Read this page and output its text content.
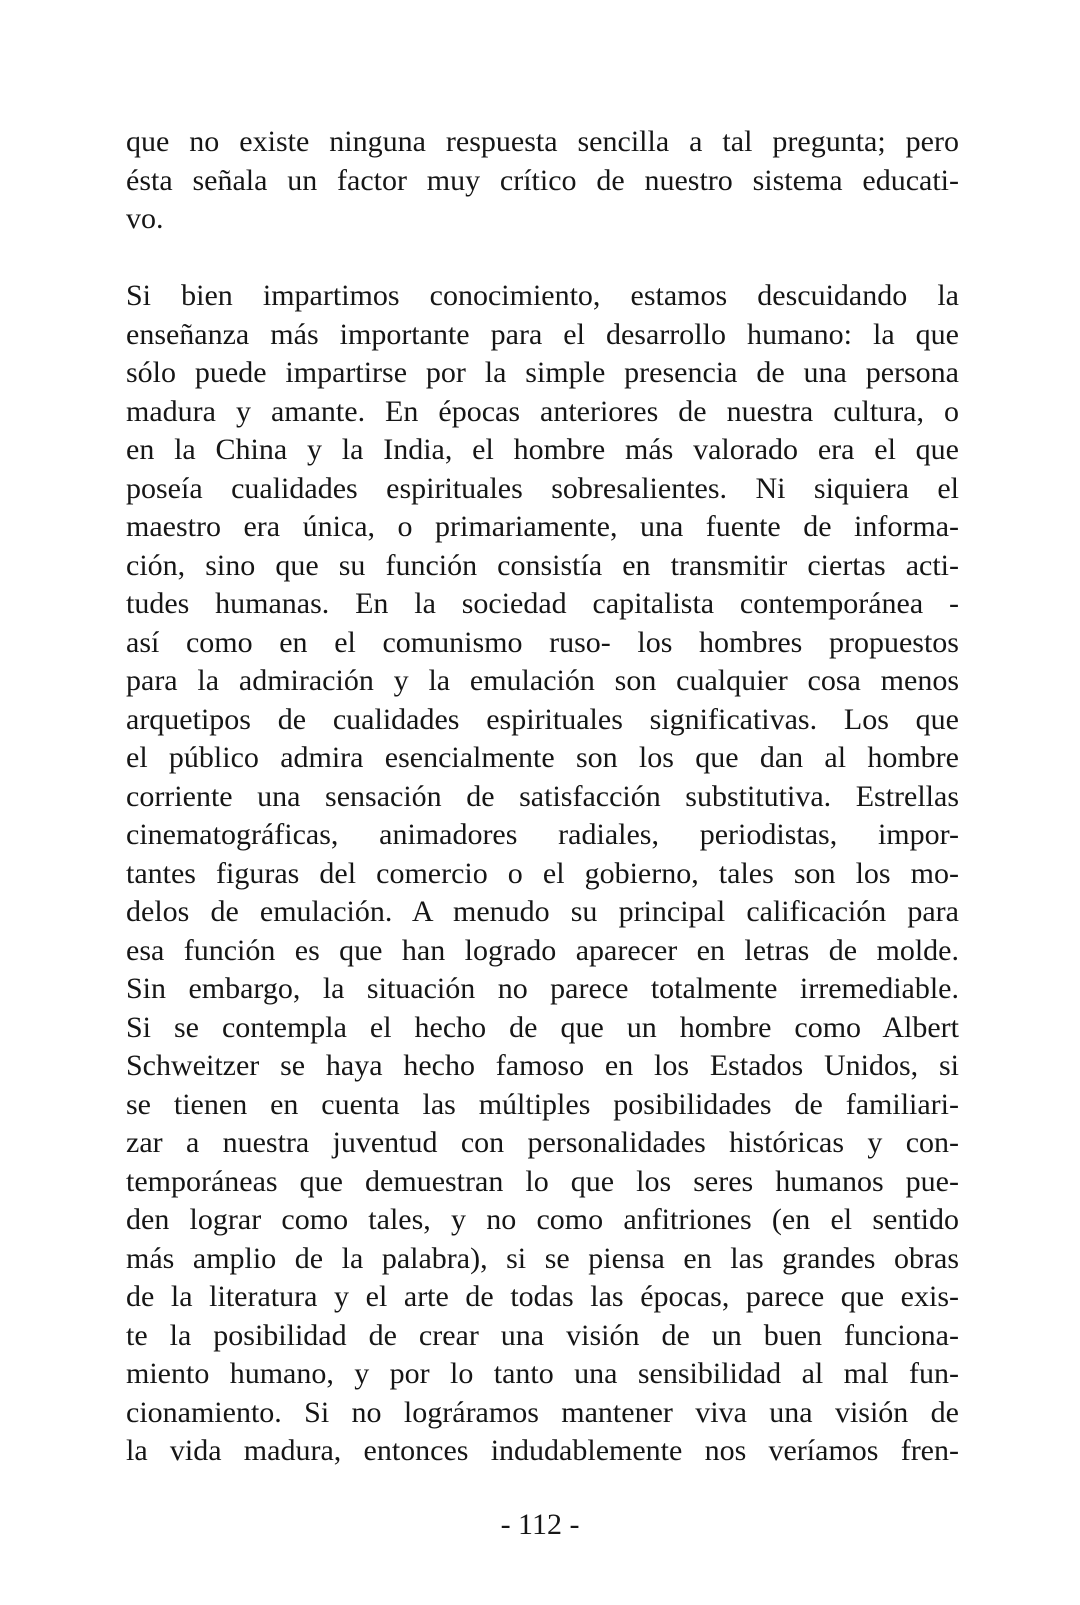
que no existe ninguna respuesta sencilla a tal pregunta; pero
ésta señala un factor muy crítico de nuestro sistema educati-
vo.
Si bien impartimos conocimiento, estamos descuidando la
enseñanza más importante para el desarrollo humano: la que
sólo puede impartirse por la simple presencia de una persona
madura y amante. En épocas anteriores de nuestra cultura, o
en la China y la India, el hombre más valorado era el que
poseía cualidades espirituales sobresalientes. Ni siquiera el
maestro era única, o primariamente, una fuente de informa-
ción, sino que su función consistía en transmitir ciertas acti-
tudes humanas. En la sociedad capitalista contemporánea -
así como en el comunismo ruso- los hombres propuestos
para la admiración y la emulación son cualquier cosa menos
arquetipos de cualidades espirituales significativas. Los que
el público admira esencialmente son los que dan al hombre
corriente una sensación de satisfacción substitutiva. Estrellas
cinematográficas, animadores radiales, periodistas, impor-
tantes figuras del comercio o el gobierno, tales son los mo-
delos de emulación. A menudo su principal calificación para
esa función es que han logrado aparecer en letras de molde.
Sin embargo, la situación no parece totalmente irremediable.
Si se contempla el hecho de que un hombre como Albert
Schweitzer se haya hecho famoso en los Estados Unidos, si
se tienen en cuenta las múltiples posibilidades de familiari-
zar a nuestra juventud con personalidades históricas y con-
temporáneas que demuestran lo que los seres humanos pue-
den lograr como tales, y no como anfitriones (en el sentido
más amplio de la palabra), si se piensa en las grandes obras
de la literatura y el arte de todas las épocas, parece que exis-
te la posibilidad de crear una visión de un buen funciona-
miento humano, y por lo tanto una sensibilidad al mal fun-
cionamiento. Si no lográramos mantener viva una visión de
la vida madura, entonces indudablemente nos veríamos fren-
- 112 -
